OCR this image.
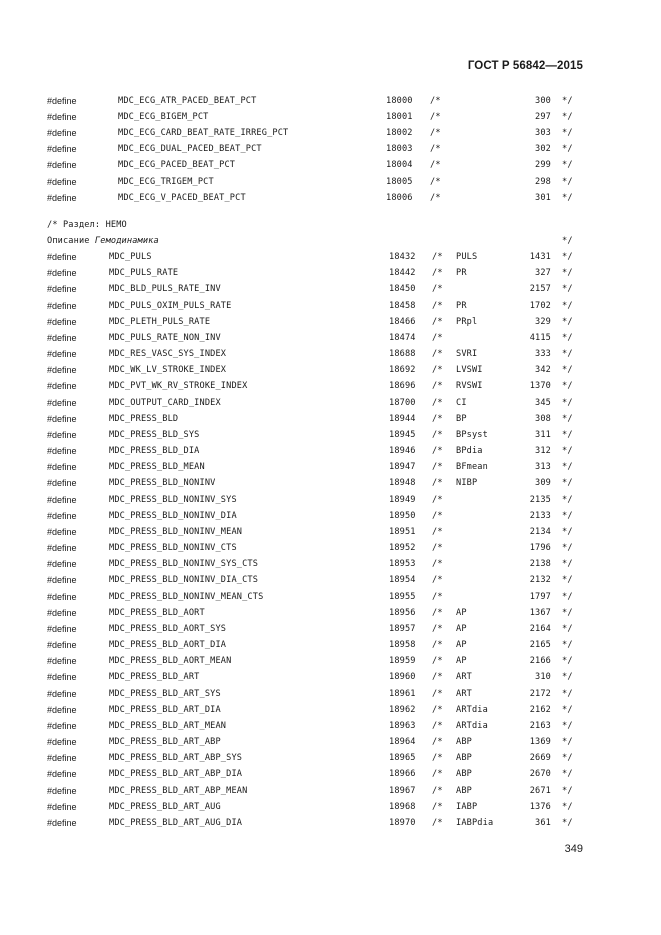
ГОСТ Р 56842—2015
#define	MDC_ECG_ATR_PACED_BEAT_PCT	18000 /*	300 */
#define	MDC_ECG_BIGEM_PCT	18001 /*	297 */
#define	MDC_ECG_CARD_BEAT_RATE_IRREG_PCT	18002 /*	303 */
#define	MDC_ECG_DUAL_PACED_BEAT_PCT	18003 /*	302 */
#define	MDC_ECG_PACED_BEAT_PCT	18004 /*	299 */
#define	MDC_ECG_TRIGEM_PCT	18005 /*	298 */
#define	MDC_ECG_V_PACED_BEAT_PCT	18006 /*	301 */

/* Раздел: HEMO

Описание Гемодинамика

	*/

#define	MDC_PULS	18432 /* PULS	1431 */
#define	MDC_PULS_RATE	18442 /* PR	327 */
#define	MDC_BLD_PULS_RATE_INV	18450 /*	2157 */
#define	MDC_PULS_OXIM_PULS_RATE	18458 /* PR	1702 */
#define	MDC_PLETH_PULS_RATE	18466 /* PRpl	329 */
#define	MDC_PULS_RATE_NON_INV	18474 /*	4115 */
#define	MDC_RES_VASC_SYS_INDEX	18688 /* SVRI	333 */
#define	MDC_WK_LV_STROKE_INDEX	18692 /* LVSWI	342 */
#define	MDC_PVT_WK_RV_STROKE_INDEX	18696 /* RVSWI	1370 */
#define	MDC_OUTPUT_CARD_INDEX	18700 /* CI	345 */
#define	MDC_PRESS_BLD	18944 /* BP	308 */
#define	MDC_PRESS_BLD_SYS	18945 /* BPsyst	311 */
#define	MDC_PRESS_BLD_DIA	18946 /* BPdia	312 */
#define	MDC_PRESS_BLD_MEAN	18947 /* BFmean	313 */
#define	MDC_PRESS_BLD_NONINV	18948 /* NIBP	309 */
#define	MDC_PRESS_BLD_NONINV_SYS	18949 /*	2135 */
#define	MDC_PRESS_BLD_NONINV_DIA	18950 /*	2133 */
#define	MDC_PRESS_BLD_NONINV_MEAN	18951 /*	2134 */
#define	MDC_PRESS_BLD_NONINV_CTS	18952 /*	1796 */
#define	MDC_PRESS_BLD_NONINV_SYS_CTS	18953 /*	2138 */
#define	MDC_PRESS_BLD_NONINV_DIA_CTS	18954 /*	2132 */
#define	MDC_PRESS_BLD_NONINV_MEAN_CTS	18955 /*	1797 */
#define	MDC_PRESS_BLD_AORT	18956 /* AP	1367 */
#define	MDC_PRESS_BLD_AORT_SYS	18957 /* AP	2164 */
#define	MDC_PRESS_BLD_AORT_DIA	18958 /* AP	2165 */
#define	MDC_PRESS_BLD_AORT_MEAN	18959 /* AP	2166 */
#define	MDC_PRESS_BLD_ART	18960 /* ART	310 */
#define	MDC_PRESS_BLD_ART_SYS	18961 /* ART	2172 */
#define	MDC_PRESS_BLD_ART_DIA	18962 /* ARTdia	2162 */
#define	MDC_PRESS_BLD_ART_MEAN	18963 /* ARTdia	2163 */
#define	MDC_PRESS_BLD_ART_ABP	18964 /* ABP	1369 */
#define	MDC_PRESS_BLD_ART_ABP_SYS	18965 /* ABP	2669 */
#define	MDC_PRESS_BLD_ART_ABP_DIA	18966 /* ABP	2670 */
#define	MDC_PRESS_BLD_ART_ABP_MEAN	18967 /* ABP	2671 */
#define	MDC_PRESS_BLD_ART_AUG	18968 /* IABP	1376 */
#define	MDC_PRESS_BLD_ART_AUG_DIA	18970 /* IABPdia	361 */
349
